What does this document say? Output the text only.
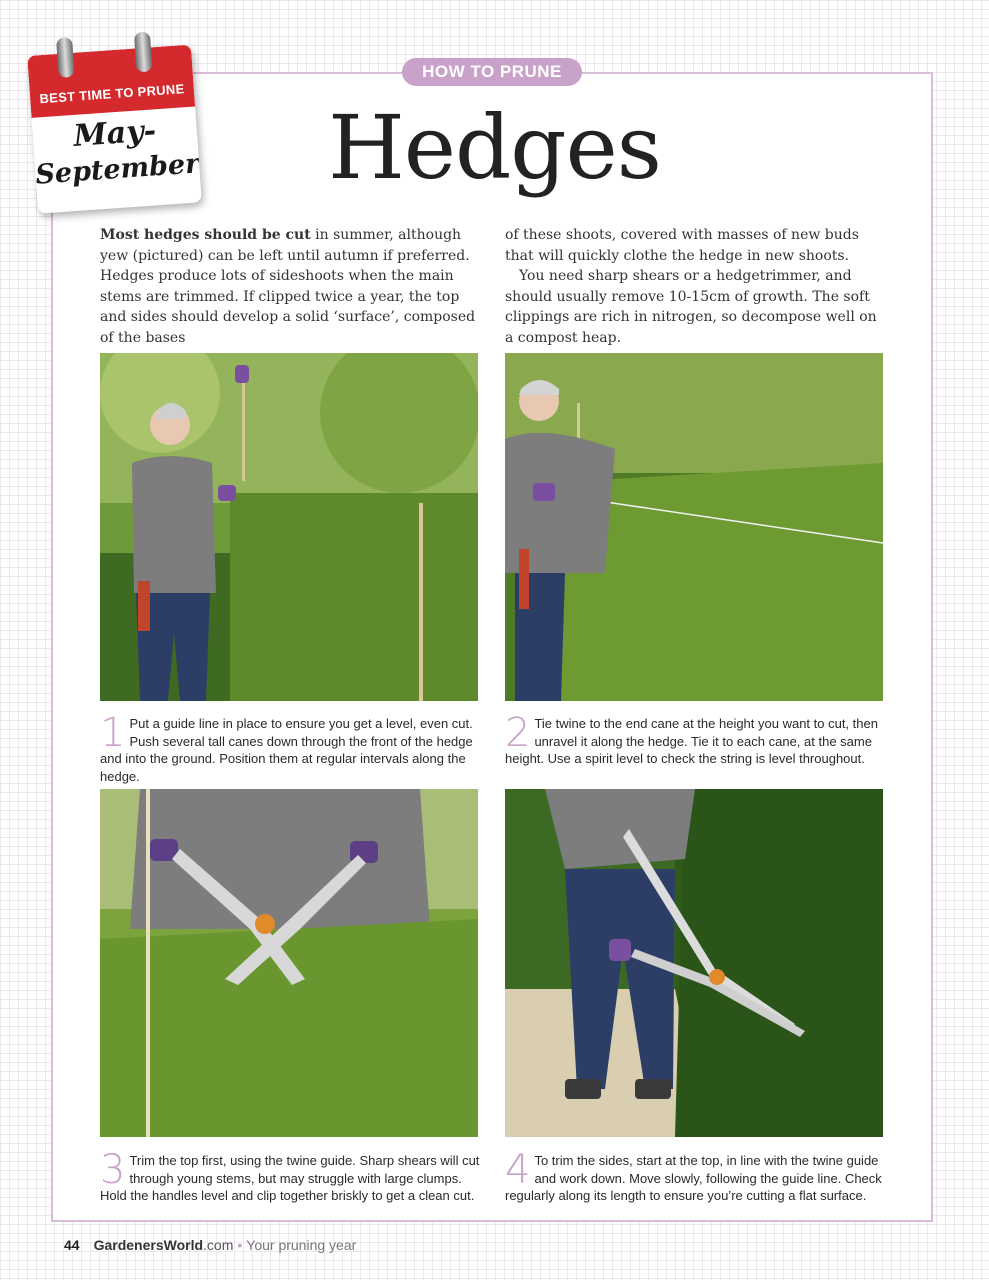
BEST TIME TO PRUNE
May-
September
HOW TO PRUNE
Hedges

Most hedges should be cut in summer, although yew (pictured) can be left until autumn if preferred. Hedges produce lots of sideshoots when the main stems are trimmed. If clipped twice a year, the top and sides should develop a solid ‘surface’, composed of the bases

of these shoots, covered with masses of new buds that will quickly clothe the hedge in new shoots.

You need sharp shears or a hedgetrimmer, and should usually remove 10-15cm of growth. The soft clippings are rich in nitrogen, so decompose well on a compost heap.

1 Put a guide line in place to ensure you get a level, even cut. Push several tall canes down through the front of the hedge and into the ground. Position them at regular intervals along the hedge.
2 Tie twine to the end cane at the height you want to cut, then unravel it along the hedge. Tie it to each cane, at the same height. Use a spirit level to check the string is level throughout.
3 Trim the top first, using the twine guide. Sharp shears will cut through young stems, but may struggle with large clumps. Hold the handles level and clip together briskly to get a clean cut.
4 To trim the sides, start at the top, in line with the twine guide and work down. Move slowly, following the guide line. Check regularly along its length to ensure you’re cutting a flat surface.
44 GardenersWorld.com • Your pruning year
